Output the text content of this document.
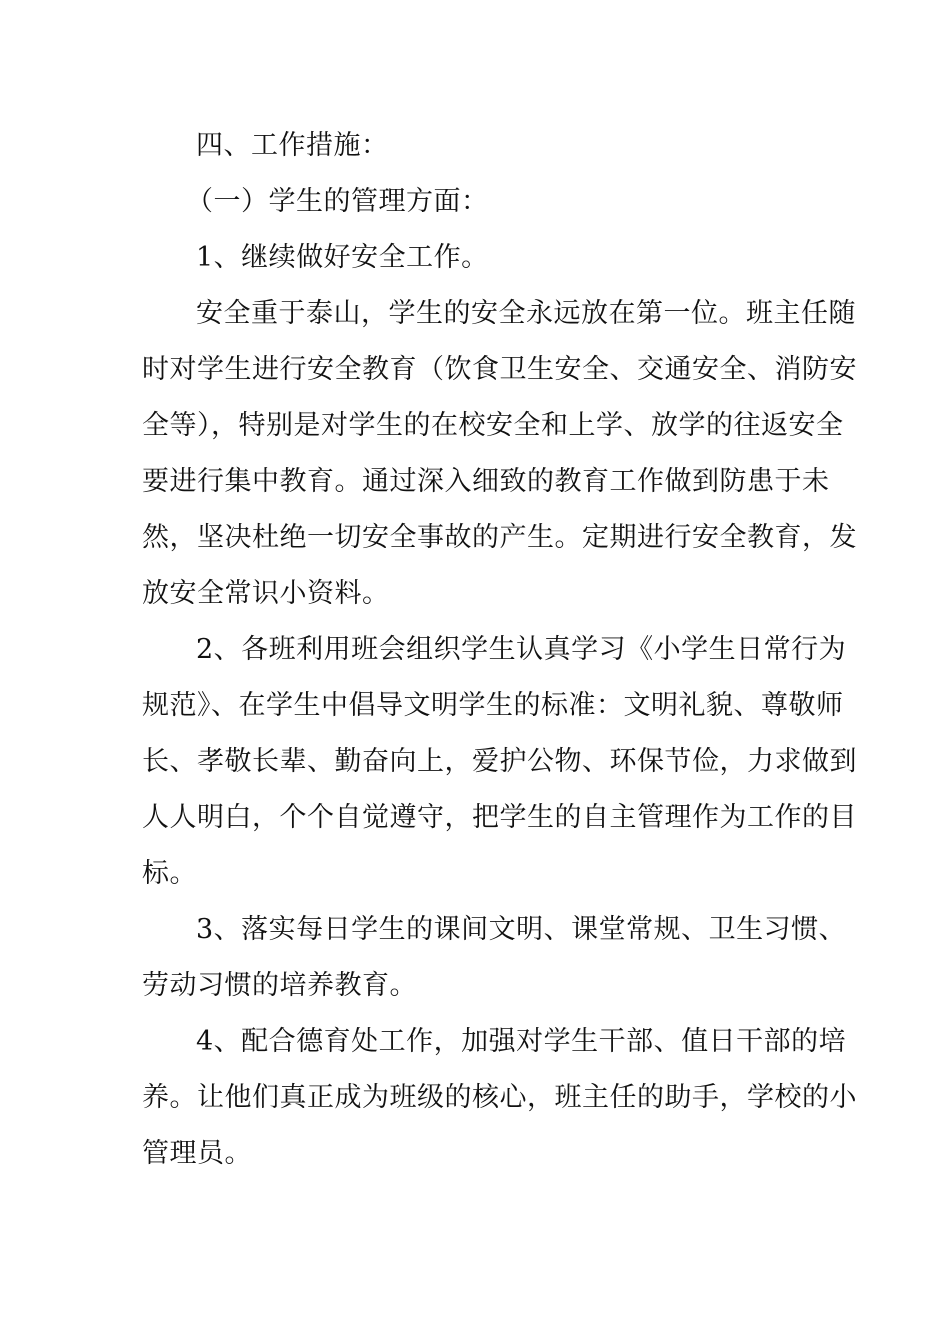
四、工作措施：
（一）学生的管理方面：
1、继续做好安全工作。
安全重于泰山，学生的安全永远放在第一位。班主任随
时对学生进行安全教育（饮食卫生安全、交通安全、消防安
全等），特别是对学生的在校安全和上学、放学的往返安全
要进行集中教育。通过深入细致的教育工作做到防患于未
然，坚决杜绝一切安全事故的产生。定期进行安全教育，发
放安全常识小资料。
2、各班利用班会组织学生认真学习《小学生日常行为
规范》、在学生中倡导文明学生的标准：文明礼貌、尊敬师
长、孝敬长辈、勤奋向上，爱护公物、环保节俭，力求做到
人人明白，个个自觉遵守，把学生的自主管理作为工作的目
标。
3、落实每日学生的课间文明、课堂常规、卫生习惯、
劳动习惯的培养教育。
4、配合德育处工作，加强对学生干部、值日干部的培
养。让他们真正成为班级的核心，班主任的助手，学校的小
管理员。
